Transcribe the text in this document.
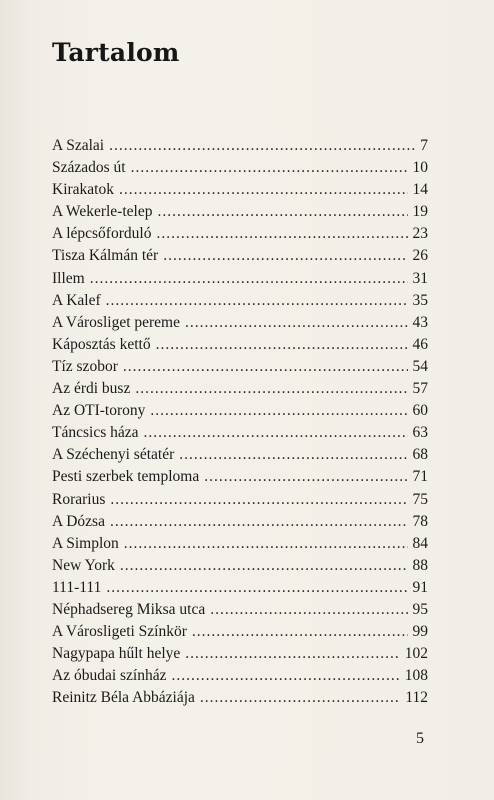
Tartalom
A Szalai .....	7
Százados út .....	10
Kirakatok .....	14
A Wekerle-telep .....	19
A lépcsőforduló .....	23
Tisza Kálmán tér .....	26
Illem .....	31
A Kalef .....	35
A Városliget pereme .....	43
Káposztás kettő .....	46
Tíz szobor .....	54
Az érdi busz .....	57
Az OTI-torony .....	60
Táncsics háza .....	63
A Széchenyi sétatér .....	68
Pesti szerbek temploma .....	71
Rorarius .....	75
A Dózsa .....	78
A Simplon .....	84
New York .....	88
111-111 .....	91
Néphadsereg Miksa utca .....	95
A Városligeti Színkör .....	99
Nagypapa hűlt helye .....	102
Az óbudai színház .....	108
Reinitz Béla Abbáziája .....	112
5
